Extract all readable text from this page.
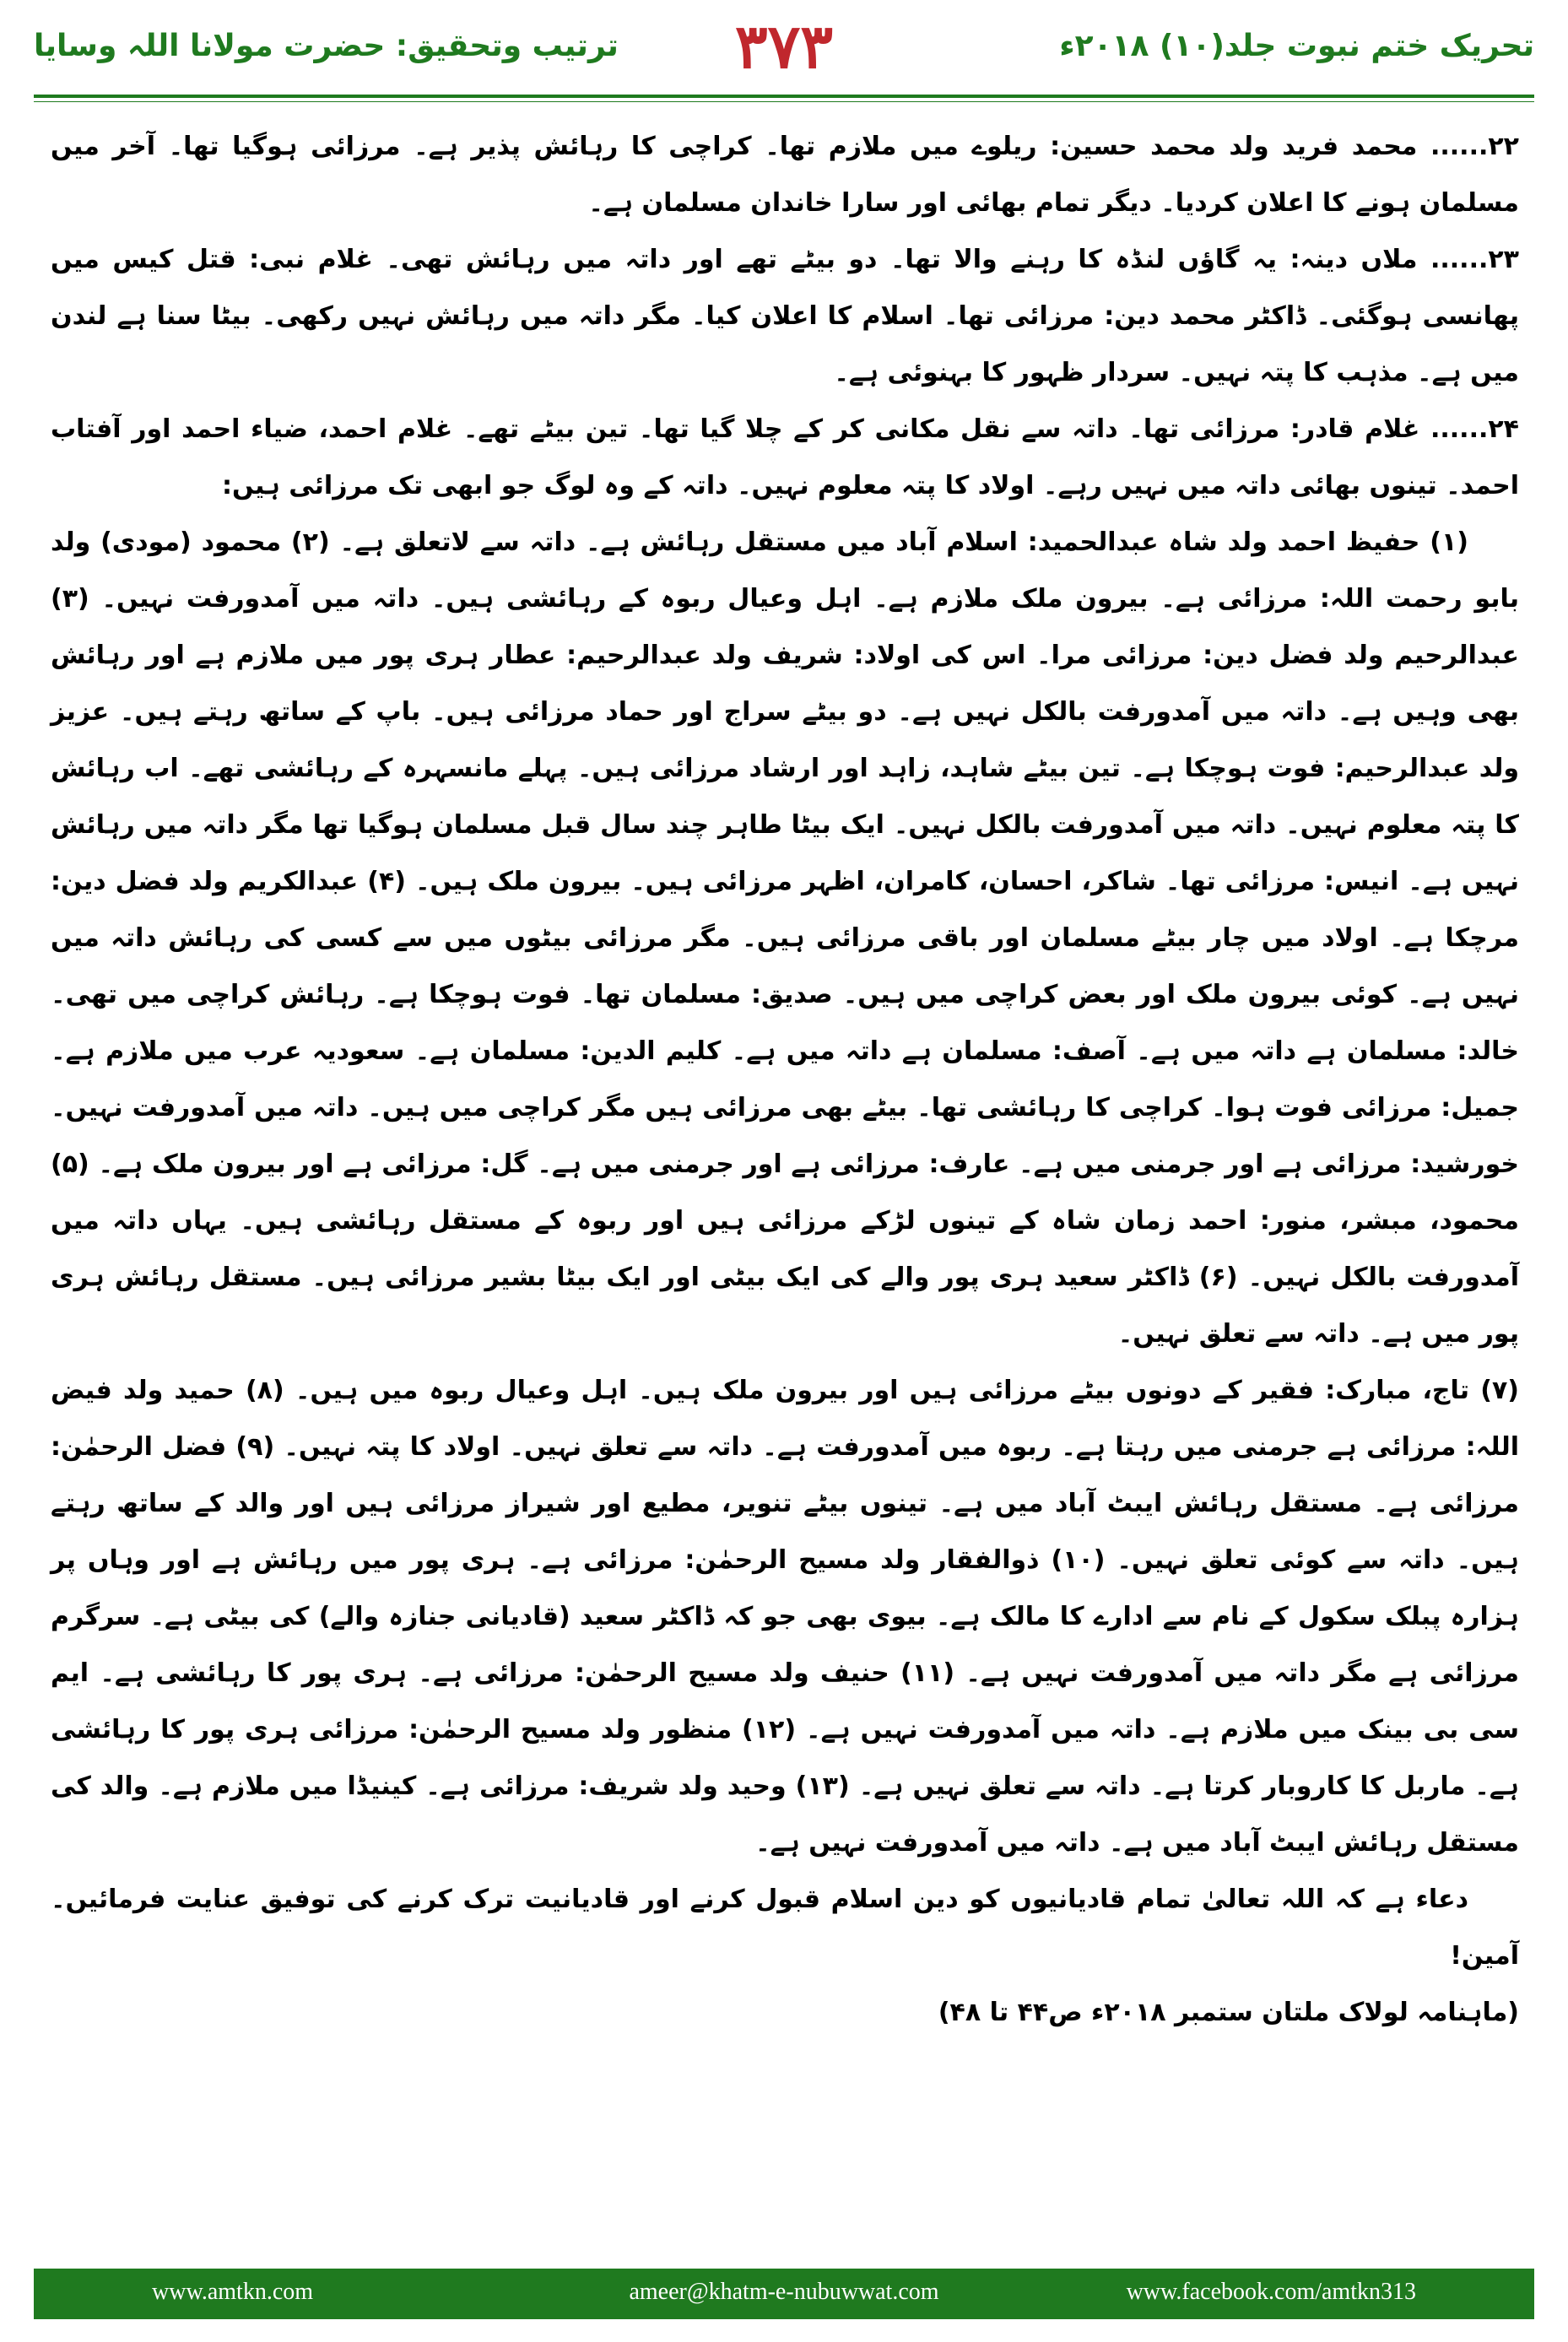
ترتیب وتحقیق: حضرت مولانا اللہ وسایا	۳۷۳	تحریک ختم نبوت جلد(۱۰) ۲۰۱۸ء

۲۲...... محمد فرید ولد محمد حسین: ریلوے میں ملازم تھا۔ کراچی کا رہائش پذیر ہے۔ مرزائی ہوگیا تھا۔ آخر میں مسلمان ہونے کا اعلان کردیا۔ دیگر تمام بھائی اور سارا خاندان مسلمان ہے۔

۲۳...... ملاں دینہ: یہ گاؤں لنڈہ کا رہنے والا تھا۔ دو بیٹے تھے اور داتہ میں رہائش تھی۔ غلام نبی: قتل کیس میں پھانسی ہوگئی۔ ڈاکٹر محمد دین: مرزائی تھا۔ اسلام کا اعلان کیا۔ مگر داتہ میں رہائش نہیں رکھی۔ بیٹا سنا ہے لندن میں ہے۔ مذہب کا پتہ نہیں۔ سردار ظہور کا بہنوئی ہے۔

۲۴...... غلام قادر: مرزائی تھا۔ داتہ سے نقل مکانی کر کے چلا گیا تھا۔ تین بیٹے تھے۔ غلام احمد، ضیاء احمد اور آفتاب احمد۔ تینوں بھائی داتہ میں نہیں رہے۔ اولاد کا پتہ معلوم نہیں۔ داتہ کے وہ لوگ جو ابھی تک مرزائی ہیں:

(۱) حفیظ احمد ولد شاہ عبدالحمید: اسلام آباد میں مستقل رہائش ہے۔ داتہ سے لاتعلق ہے۔ (۲) محمود (مودی) ولد بابو رحمت اللہ: مرزائی ہے۔ بیرون ملک ملازم ہے۔ اہل وعیال ربوہ کے رہائشی ہیں۔ داتہ میں آمدورفت نہیں۔ (۳) عبدالرحیم ولد فضل دین: مرزائی مرا۔ اس کی اولاد: شریف ولد عبدالرحیم: عطار ہری پور میں ملازم ہے اور رہائش بھی وہیں ہے۔ داتہ میں آمدورفت بالکل نہیں ہے۔ دو بیٹے سراج اور حماد مرزائی ہیں۔ باپ کے ساتھ رہتے ہیں۔ عزیز ولد عبدالرحیم: فوت ہوچکا ہے۔ تین بیٹے شاہد، زاہد اور ارشاد مرزائی ہیں۔ پہلے مانسہرہ کے رہائشی تھے۔ اب رہائش کا پتہ معلوم نہیں۔ داتہ میں آمدورفت بالکل نہیں۔ ایک بیٹا طاہر چند سال قبل مسلمان ہوگیا تھا مگر داتہ میں رہائش نہیں ہے۔ انیس: مرزائی تھا۔ شاکر، احسان، کامران، اظہر مرزائی ہیں۔ بیرون ملک ہیں۔ (۴) عبدالکریم ولد فضل دین: مرچکا ہے۔ اولاد میں چار بیٹے مسلمان اور باقی مرزائی ہیں۔ مگر مرزائی بیٹوں میں سے کسی کی رہائش داتہ میں نہیں ہے۔ کوئی بیرون ملک اور بعض کراچی میں ہیں۔ صدیق: مسلمان تھا۔ فوت ہوچکا ہے۔ رہائش کراچی میں تھی۔ خالد: مسلمان ہے داتہ میں ہے۔ آصف: مسلمان ہے داتہ میں ہے۔ کلیم الدین: مسلمان ہے۔ سعودیہ عرب میں ملازم ہے۔ جمیل: مرزائی فوت ہوا۔ کراچی کا رہائشی تھا۔ بیٹے بھی مرزائی ہیں مگر کراچی میں ہیں۔ داتہ میں آمدورفت نہیں۔ خورشید: مرزائی ہے اور جرمنی میں ہے۔ عارف: مرزائی ہے اور جرمنی میں ہے۔ گل: مرزائی ہے اور بیرون ملک ہے۔ (۵) محمود، مبشر، منور: احمد زمان شاہ کے تینوں لڑکے مرزائی ہیں اور ربوہ کے مستقل رہائشی ہیں۔ یہاں داتہ میں آمدورفت بالکل نہیں۔ (۶) ڈاکٹر سعید ہری پور والے کی ایک بیٹی اور ایک بیٹا بشیر مرزائی ہیں۔ مستقل رہائش ہری پور میں ہے۔ داتہ سے تعلق نہیں۔

(۷) تاج، مبارک: فقیر کے دونوں بیٹے مرزائی ہیں اور بیرون ملک ہیں۔ اہل وعیال ربوہ میں ہیں۔ (۸) حمید ولد فیض اللہ: مرزائی ہے جرمنی میں رہتا ہے۔ ربوہ میں آمدورفت ہے۔ داتہ سے تعلق نہیں۔ اولاد کا پتہ نہیں۔ (۹) فضل الرحمٰن: مرزائی ہے۔ مستقل رہائش ایبٹ آباد میں ہے۔ تینوں بیٹے تنویر، مطیع اور شیراز مرزائی ہیں اور والد کے ساتھ رہتے ہیں۔ داتہ سے کوئی تعلق نہیں۔ (۱۰) ذوالفقار ولد مسیح الرحمٰن: مرزائی ہے۔ ہری پور میں رہائش ہے اور وہاں پر ہزارہ پبلک سکول کے نام سے ادارے کا مالک ہے۔ بیوی بھی جو کہ ڈاکٹر سعید (قادیانی جنازہ والے) کی بیٹی ہے۔ سرگرم مرزائی ہے مگر داتہ میں آمدورفت نہیں ہے۔ (۱۱) حنیف ولد مسیح الرحمٰن: مرزائی ہے۔ ہری پور کا رہائشی ہے۔ ایم سی بی بینک میں ملازم ہے۔ داتہ میں آمدورفت نہیں ہے۔ (۱۲) منظور ولد مسیح الرحمٰن: مرزائی ہری پور کا رہائشی ہے۔ ماربل کا کاروبار کرتا ہے۔ داتہ سے تعلق نہیں ہے۔ (۱۳) وحید ولد شریف: مرزائی ہے۔ کینیڈا میں ملازم ہے۔ والد کی مستقل رہائش ایبٹ آباد میں ہے۔ داتہ میں آمدورفت نہیں ہے۔

دعاء ہے کہ اللہ تعالیٰ تمام قادیانیوں کو دین اسلام قبول کرنے اور قادیانیت ترک کرنے کی توفیق عنایت فرمائیں۔ آمین!

(ماہنامہ لولاک ملتان ستمبر ۲۰۱۸ء ص۴۴ تا ۴۸)

www.amtkn.com	ameer@khatm-e-nubuwwat.com	www.facebook.com/amtkn313
